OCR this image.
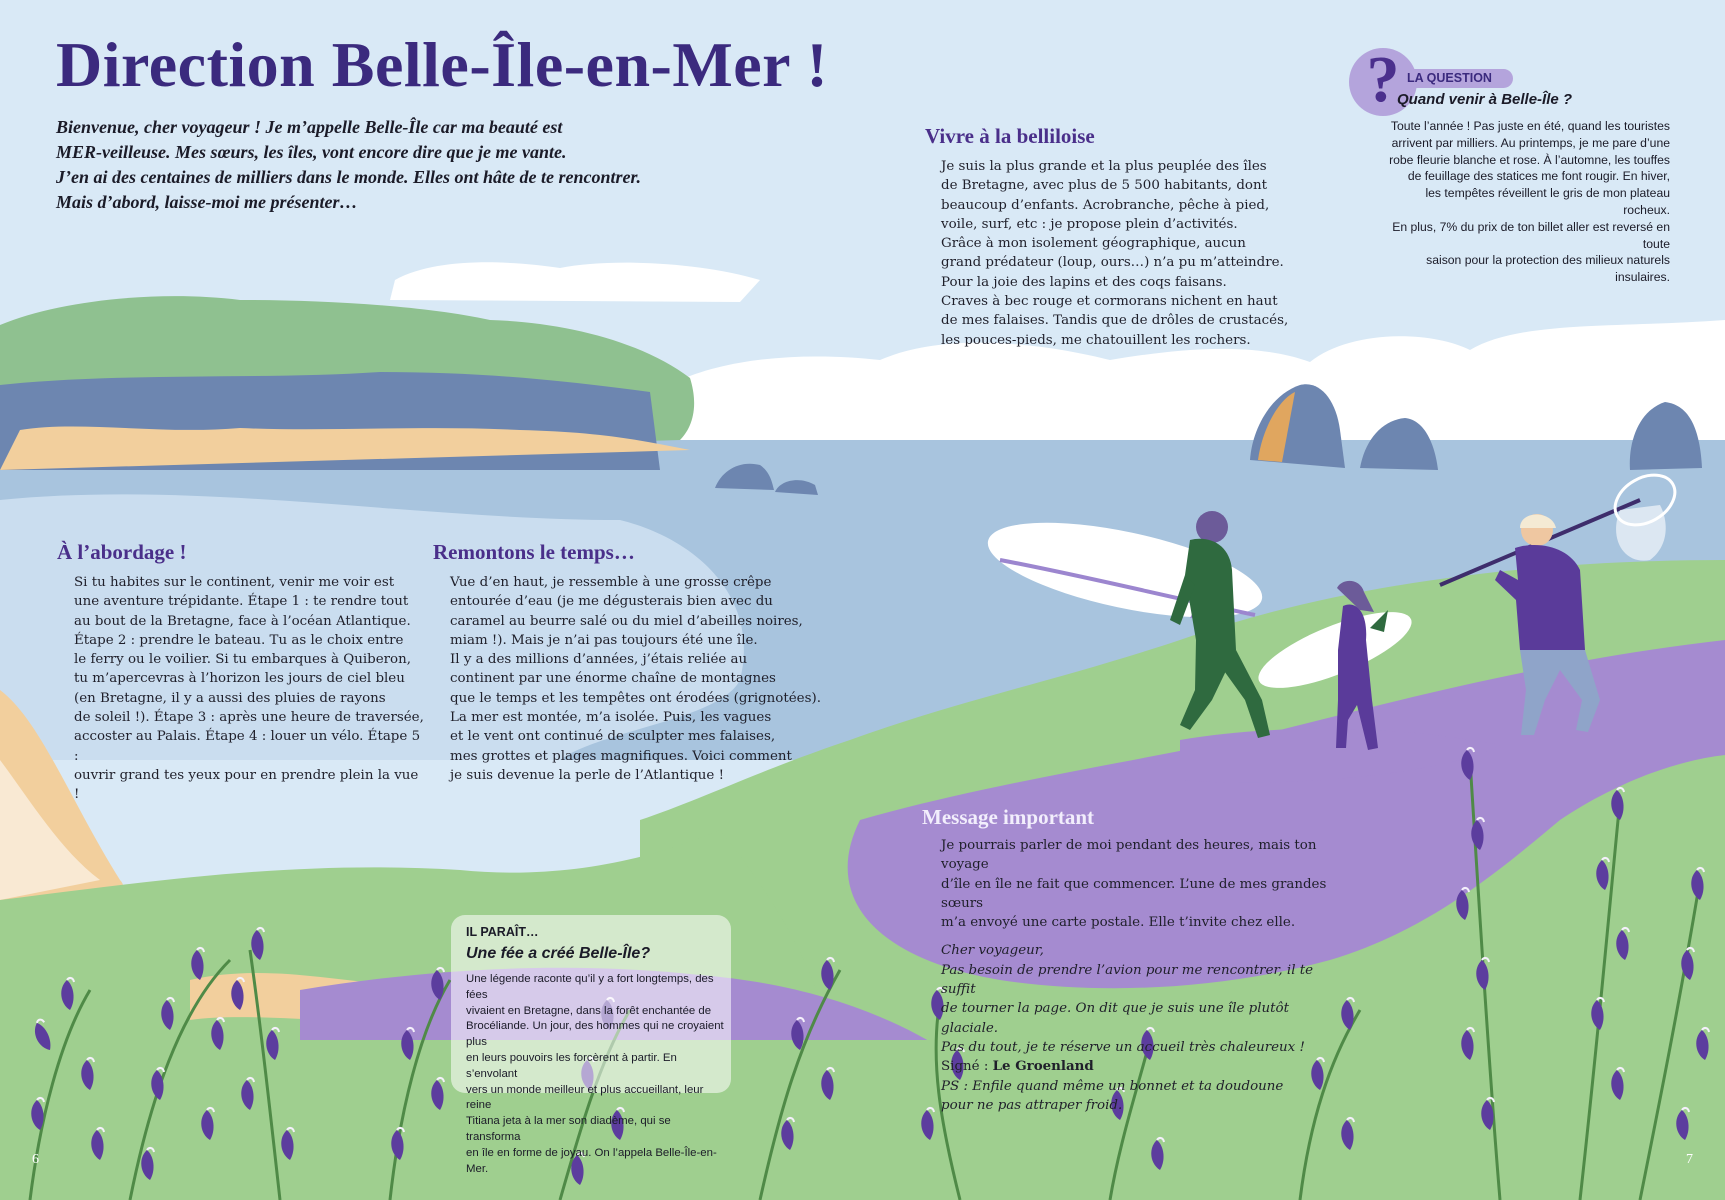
Direction Belle-Île-en-Mer !

Bienvenue, cher voyageur ! Je m’appelle Belle-Île car ma beauté est

MER-veilleuse. Mes sœurs, les îles, vont encore dire que je me vante.

J’en ai des centaines de milliers dans le monde. Elles ont hâte de te rencontrer.

Mais d’abord, laisse-moi me présenter…

Vivre à la belliloise

Je suis la plus grande et la plus peuplée des îles

de Bretagne, avec plus de 5 500 habitants, dont

beaucoup d’enfants. Acrobranche, pêche à pied,

voile, surf, etc : je propose plein d’activités.

Grâce à mon isolement géographique, aucun

grand prédateur (loup, ours…) n’a pu m’atteindre.

Pour la joie des lapins et des coqs faisans.

Craves à bec rouge et cormorans nichent en haut

de mes falaises. Tandis que de drôles de crustacés,

les pouces-pieds, me chatouillent les rochers.

? LA QUESTION
Quand venir à Belle-Île ?
Toute l’année ! Pas juste en été, quand les touristes
arrivent par milliers. Au printemps, je me pare d’une
robe fleurie blanche et rose. À l’automne, les touffes
de feuillage des statices me font rougir. En hiver,
les tempêtes réveillent le gris de mon plateau rocheux.
En plus, 7% du prix de ton billet aller est reversé en toute
saison pour la protection des milieux naturels insulaires.
À l’abordage !

Si tu habites sur le continent, venir me voir est

une aventure trépidante. Étape 1 : te rendre tout

au bout de la Bretagne, face à l’océan Atlantique.

Étape 2 : prendre le bateau. Tu as le choix entre

le ferry ou le voilier. Si tu embarques à Quiberon,

tu m’apercevras à l’horizon les jours de ciel bleu

(en Bretagne, il y a aussi des pluies de rayons

de soleil !). Étape 3 : après une heure de traversée,

accoster au Palais. Étape 4 : louer un vélo. Étape 5 :

ouvrir grand tes yeux pour en prendre plein la vue !

Remontons le temps…

Vue d’en haut, je ressemble à une grosse crêpe

entourée d’eau (je me dégusterais bien avec du

caramel au beurre salé ou du miel d’abeilles noires,

miam !). Mais je n’ai pas toujours été une île.

Il y a des millions d’années, j’étais reliée au

continent par une énorme chaîne de montagnes

que le temps et les tempêtes ont érodées (grignotées).

La mer est montée, m’a isolée. Puis, les vagues

et le vent ont continué de sculpter mes falaises,

mes grottes et plages magnifiques. Voici comment

je suis devenue la perle de l’Atlantique !

IL PARAÎT…
Une fée a créé Belle-Île?
Une légende raconte qu’il y a fort longtemps, des fées
vivaient en Bretagne, dans la forêt enchantée de
Brocéliande. Un jour, des hommes qui ne croyaient plus
en leurs pouvoirs les forcèrent à partir. En s’envolant
vers un monde meilleur et plus accueillant, leur reine
Titiana jeta à la mer son diadème, qui se transforma
en île en forme de joyau. On l’appela Belle-Île-en-Mer.
Message important

Je pourrais parler de moi pendant des heures, mais ton voyage

d’île en île ne fait que commencer. L’une de mes grandes sœurs

m’a envoyé une carte postale. Elle t’invite chez elle.

Cher voyageur,

Pas besoin de prendre l’avion pour me rencontrer, il te suffit

de tourner la page. On dit que je suis une île plutôt glaciale.

Pas du tout, je te réserve un accueil très chaleureux !

Signé : Le Groenland

PS : Enfile quand même un bonnet et ta doudoune

pour ne pas attraper froid.

6	7
